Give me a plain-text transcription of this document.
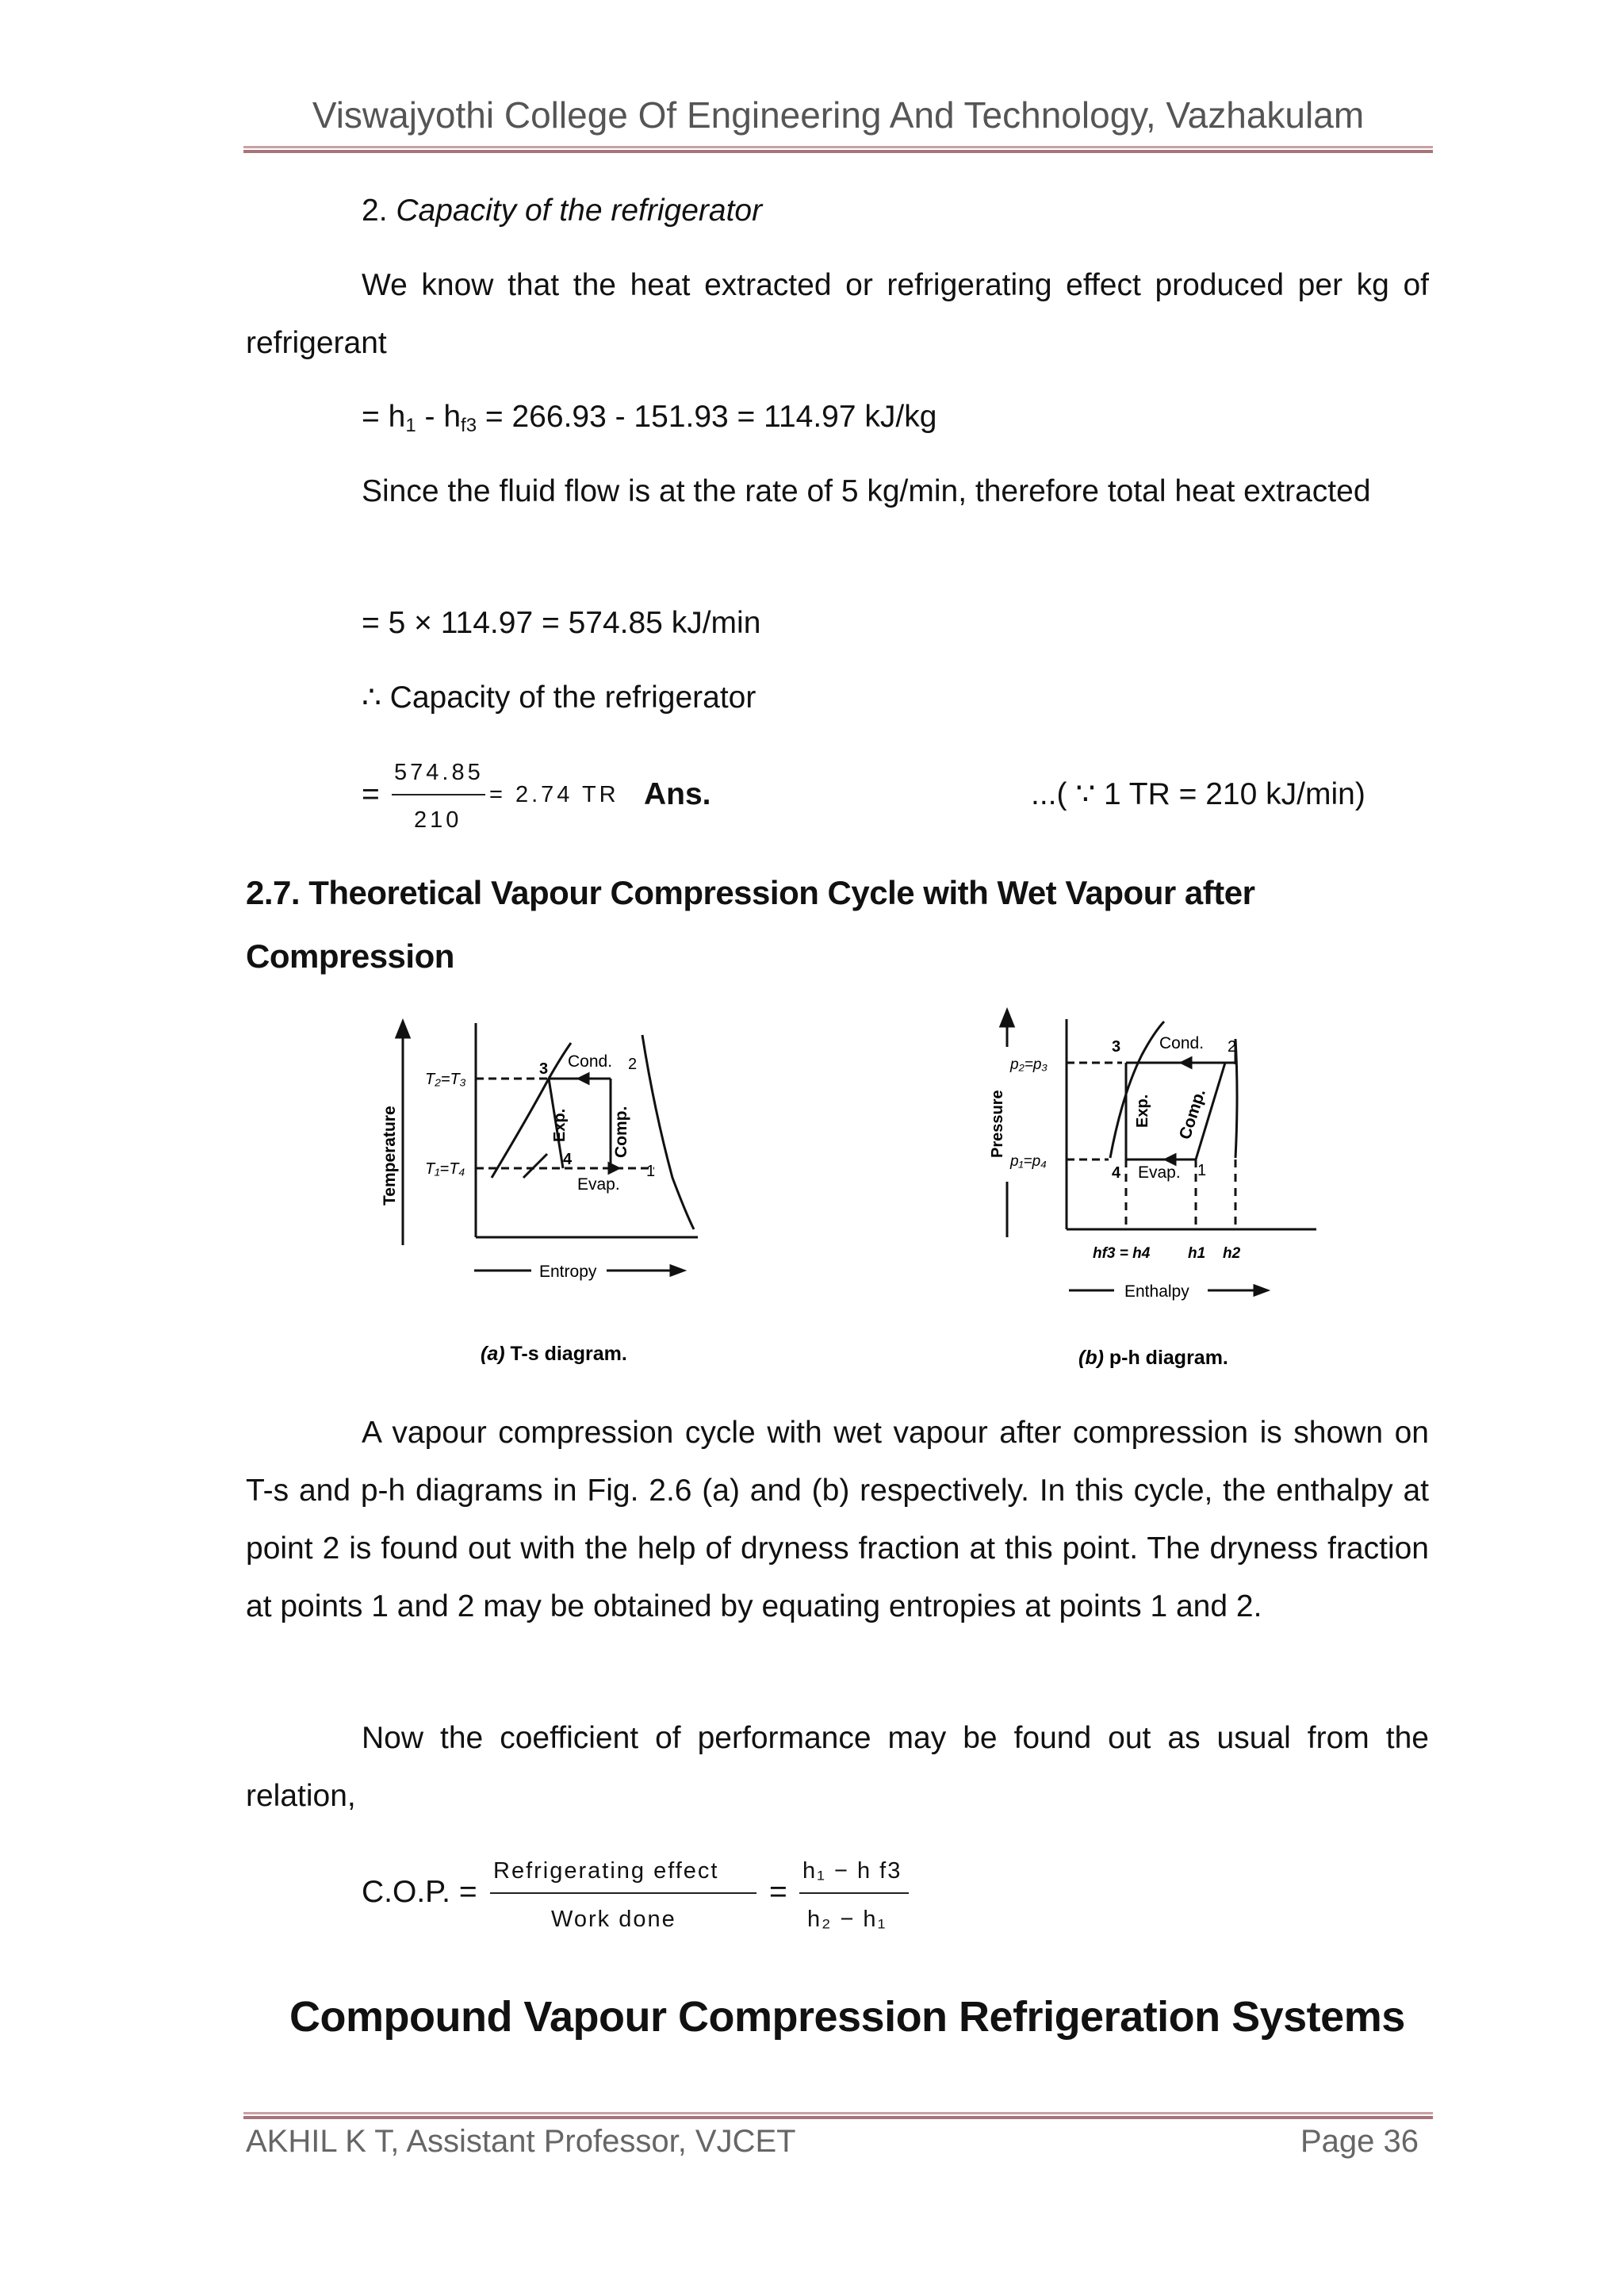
Viswajyothi College Of Engineering And Technology, Vazhakulam
2. Capacity of the refrigerator
We know that the heat extracted or refrigerating effect produced per kg of refrigerant
= $h_1 - h_{f3} = 266.93 - 151.93 = 114.97$ kJ/kg
Since the fluid flow is at the rate of 5 kg/min, therefore total heat extracted
= 5 × 114.97 = 574.85 kJ/min
∴ Capacity of the refrigerator
=
574.85
210
= 2.74 TR Ans.	...( ∵ 1 TR = 210 kJ/min)
2.7. Theoretical Vapour Compression Cycle with Wet Vapour after
Compression
Temperature
T₂=T₃
T₁=T₄
3 Cond. 2
4
Evap.
1
Exp.	Comp.
Entropy
(a) T-s diagram.
Pressure
p₂=p₃
p₁=p₄
3 Cond. 2
4 Evap. 1
Exp. Comp.
hf3 = h4	h1 h2
Enthalpy
(b) p-h diagram.
A vapour compression cycle with wet vapour after compression is shown on T-s and p-h diagrams in Fig. 2.6 (a) and (b) respectively. In this cycle, the enthalpy at point 2 is found out with the help of dryness fraction at this point. The dryness fraction at points 1 and 2 may be obtained by equating entropies at points 1 and 2.
Now the coefficient of performance may be found out as usual from the relation,
C.O.P. =
Refrigerating effect
Work done
=
h₁ − h f3
h₂ − h₁
Compound Vapour Compression Refrigeration Systems
AKHIL K T, Assistant Professor, VJCET	Page 36
